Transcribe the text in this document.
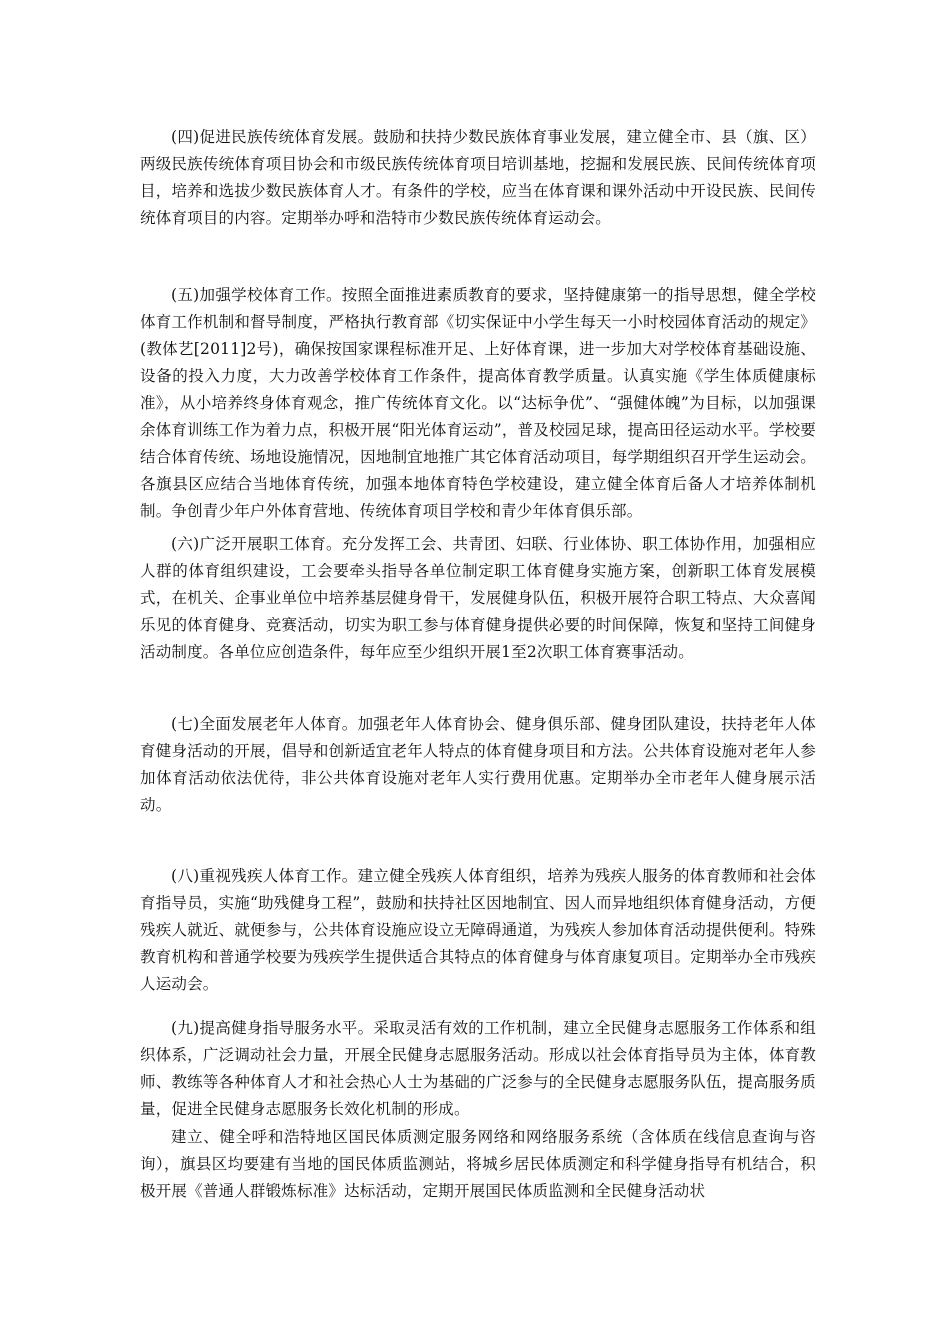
(四)促进民族传统体育发展。鼓励和扶持少数民族体育事业发展，建立健全市、县（旗、区）两级民族传统体育项目协会和市级民族传统体育项目培训基地，挖掘和发展民族、民间传统体育项目，培养和选拔少数民族体育人才。有条件的学校，应当在体育课和课外活动中开设民族、民间传统体育项目的内容。定期举办呼和浩特市少数民族传统体育运动会。

(五)加强学校体育工作。按照全面推进素质教育的要求，坚持健康第一的指导思想，健全学校体育工作机制和督导制度，严格执行教育部《切实保证中小学生每天一小时校园体育活动的规定》(教体艺[2011]2号)，确保按国家课程标准开足、上好体育课，进一步加大对学校体育基础设施、设备的投入力度，大力改善学校体育工作条件，提高体育教学质量。认真实施《学生体质健康标准》，从小培养终身体育观念，推广传统体育文化。以“达标争优”、“强健体魄”为目标，以加强课余体育训练工作为着力点，积极开展“阳光体育运动”，普及校园足球，提高田径运动水平。学校要结合体育传统、场地设施情况，因地制宜地推广其它体育活动项目，每学期组织召开学生运动会。各旗县区应结合当地体育传统，加强本地体育特色学校建设，建立健全体育后备人才培养体制机制。争创青少年户外体育营地、传统体育项目学校和青少年体育俱乐部。

(六)广泛开展职工体育。充分发挥工会、共青团、妇联、行业体协、职工体协作用，加强相应人群的体育组织建设，工会要牵头指导各单位制定职工体育健身实施方案，创新职工体育发展模式，在机关、企事业单位中培养基层健身骨干，发展健身队伍，积极开展符合职工特点、大众喜闻乐见的体育健身、竞赛活动，切实为职工参与体育健身提供必要的时间保障，恢复和坚持工间健身活动制度。各单位应创造条件，每年应至少组织开展1至2次职工体育赛事活动。

(七)全面发展老年人体育。加强老年人体育协会、健身俱乐部、健身团队建设，扶持老年人体育健身活动的开展，倡导和创新适宜老年人特点的体育健身项目和方法。公共体育设施对老年人参加体育活动依法优待，非公共体育设施对老年人实行费用优惠。定期举办全市老年人健身展示活动。

(八)重视残疾人体育工作。建立健全残疾人体育组织，培养为残疾人服务的体育教师和社会体育指导员，实施“助残健身工程”，鼓励和扶持社区因地制宜、因人而异地组织体育健身活动，方便残疾人就近、就便参与，公共体育设施应设立无障碍通道，为残疾人参加体育活动提供便利。特殊教育机构和普通学校要为残疾学生提供适合其特点的体育健身与体育康复项目。定期举办全市残疾人运动会。

(九)提高健身指导服务水平。采取灵活有效的工作机制，建立全民健身志愿服务工作体系和组织体系，广泛调动社会力量，开展全民健身志愿服务活动。形成以社会体育指导员为主体，体育教师、教练等各种体育人才和社会热心人士为基础的广泛参与的全民健身志愿服务队伍，提高服务质量，促进全民健身志愿服务长效化机制的形成。

建立、健全呼和浩特地区国民体质测定服务网络和网络服务系统（含体质在线信息查询与咨询），旗县区均要建有当地的国民体质监测站，将城乡居民体质测定和科学健身指导有机结合，积极开展《普通人群锻炼标准》达标活动，定期开展国民体质监测和全民健身活动状
